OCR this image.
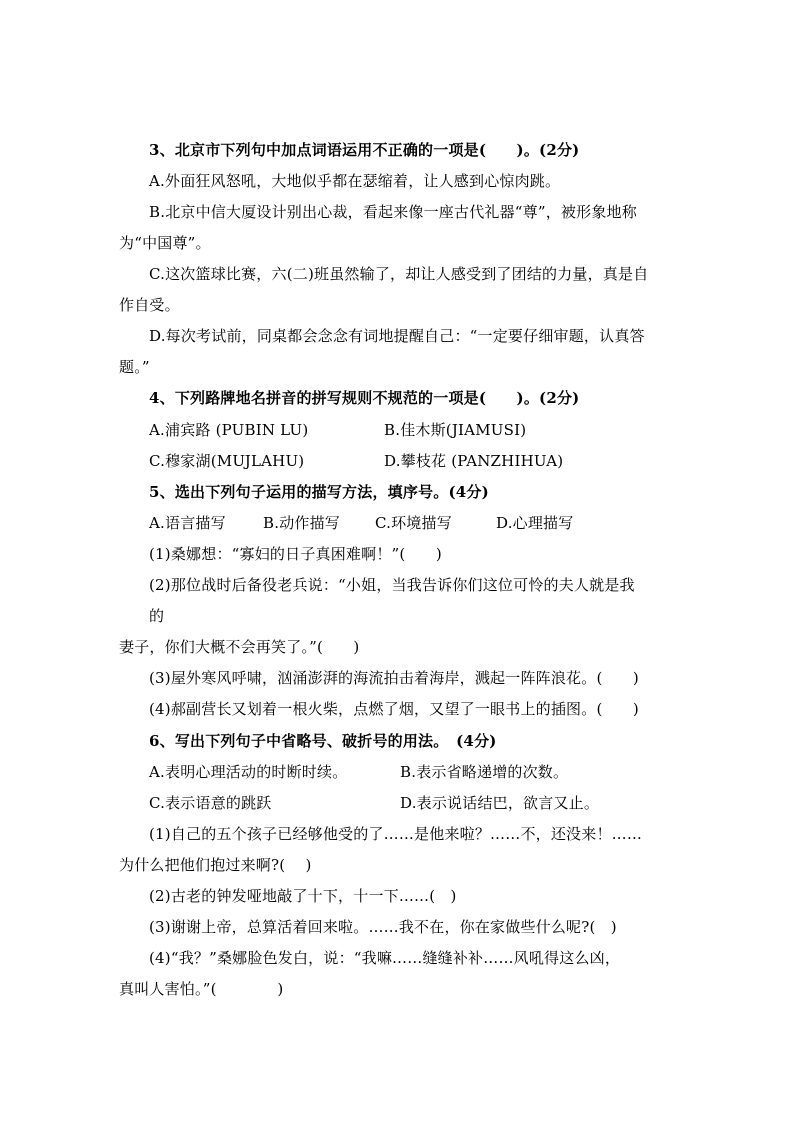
3、北京市下列句中加点词语运用不正确的一项是(　　)。(2分)
A.外面狂风怒吼，大地似乎都在瑟缩着，让人感到心惊肉跳。
B.北京中信大厦设计别出心裁，看起来像一座古代礼器“尊”，被形象地称
为“中国尊”。
C.这次篮球比赛，六(二)班虽然输了，却让人感受到了团结的力量，真是自
作自受。
D.每次考试前，同桌都会念念有词地提醒自己：“一定要仔细审题，认真答
题。”
4、下列路牌地名拼音的拼写规则不规范的一项是(　　)。(2分)
A.浦宾路 (PUBIN LU)	B.佳木斯(JIAMUSI)
C.穆家湖(MUJLAHU)	D.攀枝花 (PANZHIHUA)
5、选出下列句子运用的描写方法，填序号。(4分)
A.语言描写 B.动作描写 C.环境描写	D.心理描写
(1)桑娜想：“寡妇的日子真困难啊！”(　　)
(2)那位战时后备役老兵说：“小姐，当我告诉你们这位可怜的夫人就是我
的
妻子，你们大概不会再笑了。”(　　)
(3)屋外寒风呼啸，汹涌澎湃的海流拍击着海岸，溅起一阵阵浪花。(　　)
(4)郝副营长又划着一根火柴，点燃了烟，又望了一眼书上的插图。(　　)
6、写出下列句子中省略号、破折号的用法。　(4分)
A.表明心理活动的时断时续。	B.表示省略递增的次数。
C.表示语意的跳跃	D.表示说话结巴，欲言又止。
(1)自己的五个孩子已经够他受的了……是他来啦？……不，还没来！……
为什么把他们抱过来啊?(　 )
(2)古老的钟发哑地敲了十下，十一下……(　)
(3)谢谢上帝，总算活着回来啦。……我不在，你在家做些什么呢?(　)
(4)“我？”桑娜脸色发白，说：“我嘛……缝缝补补……风吼得这么凶，
真叫人害怕。”(　　　　)
